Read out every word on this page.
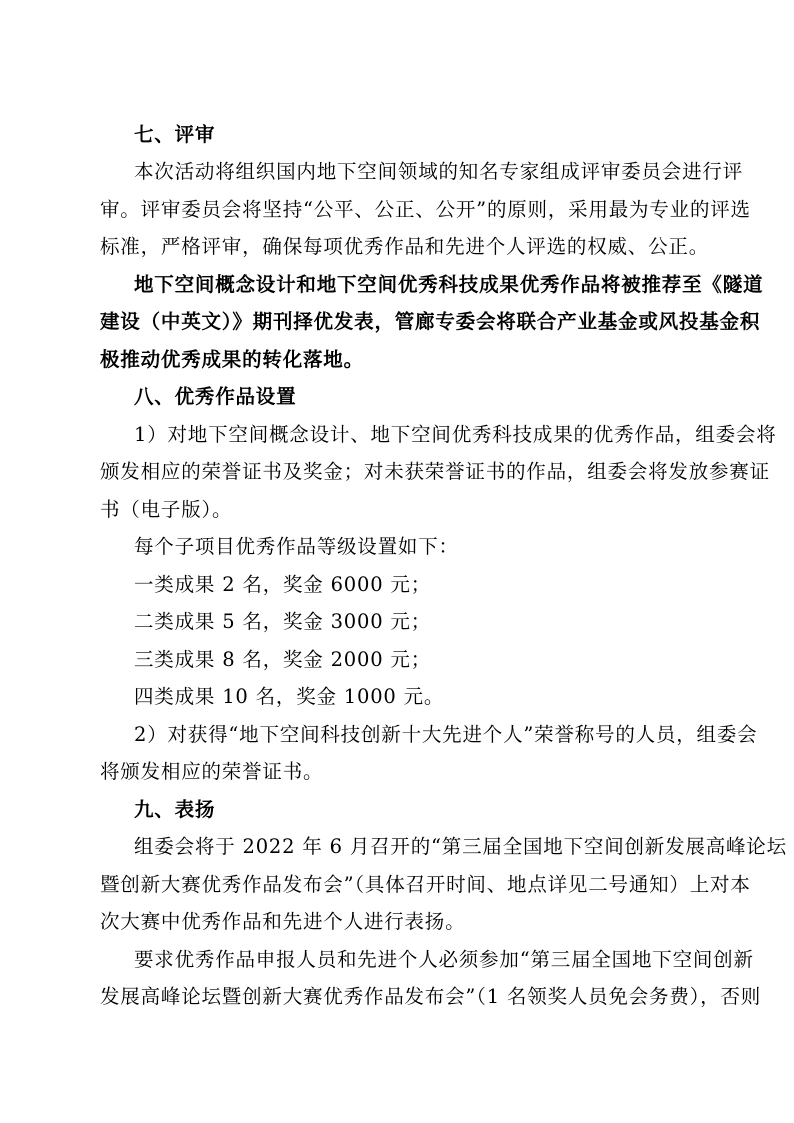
七、评审

本次活动将组织国内地下空间领域的知名专家组成评审委员会进行评

审。评审委员会将坚持“公平、公正、公开”的原则，采用最为专业的评选

标准，严格评审，确保每项优秀作品和先进个人评选的权威、公正。

地下空间概念设计和地下空间优秀科技成果优秀作品将被推荐至《隧道

建设（中英文）》期刊择优发表，管廊专委会将联合产业基金或风投基金积

极推动优秀成果的转化落地。

八、优秀作品设置

1）对地下空间概念设计、地下空间优秀科技成果的优秀作品，组委会将

颁发相应的荣誉证书及奖金；对未获荣誉证书的作品，组委会将发放参赛证

书（电子版）。

每个子项目优秀作品等级设置如下：

一类成果 2 名，奖金 6000 元；

二类成果 5 名，奖金 3000 元；

三类成果 8 名，奖金 2000 元；

四类成果 10 名，奖金 1000 元。

2）对获得“地下空间科技创新十大先进个人”荣誉称号的人员，组委会

将颁发相应的荣誉证书。

九、表扬

组委会将于 2022 年 6 月召开的“第三届全国地下空间创新发展高峰论坛

暨创新大赛优秀作品发布会”（具体召开时间、地点详见二号通知）上对本

次大赛中优秀作品和先进个人进行表扬。

要求优秀作品申报人员和先进个人必须参加“第三届全国地下空间创新

发展高峰论坛暨创新大赛优秀作品发布会”（1 名领奖人员免会务费），否则
